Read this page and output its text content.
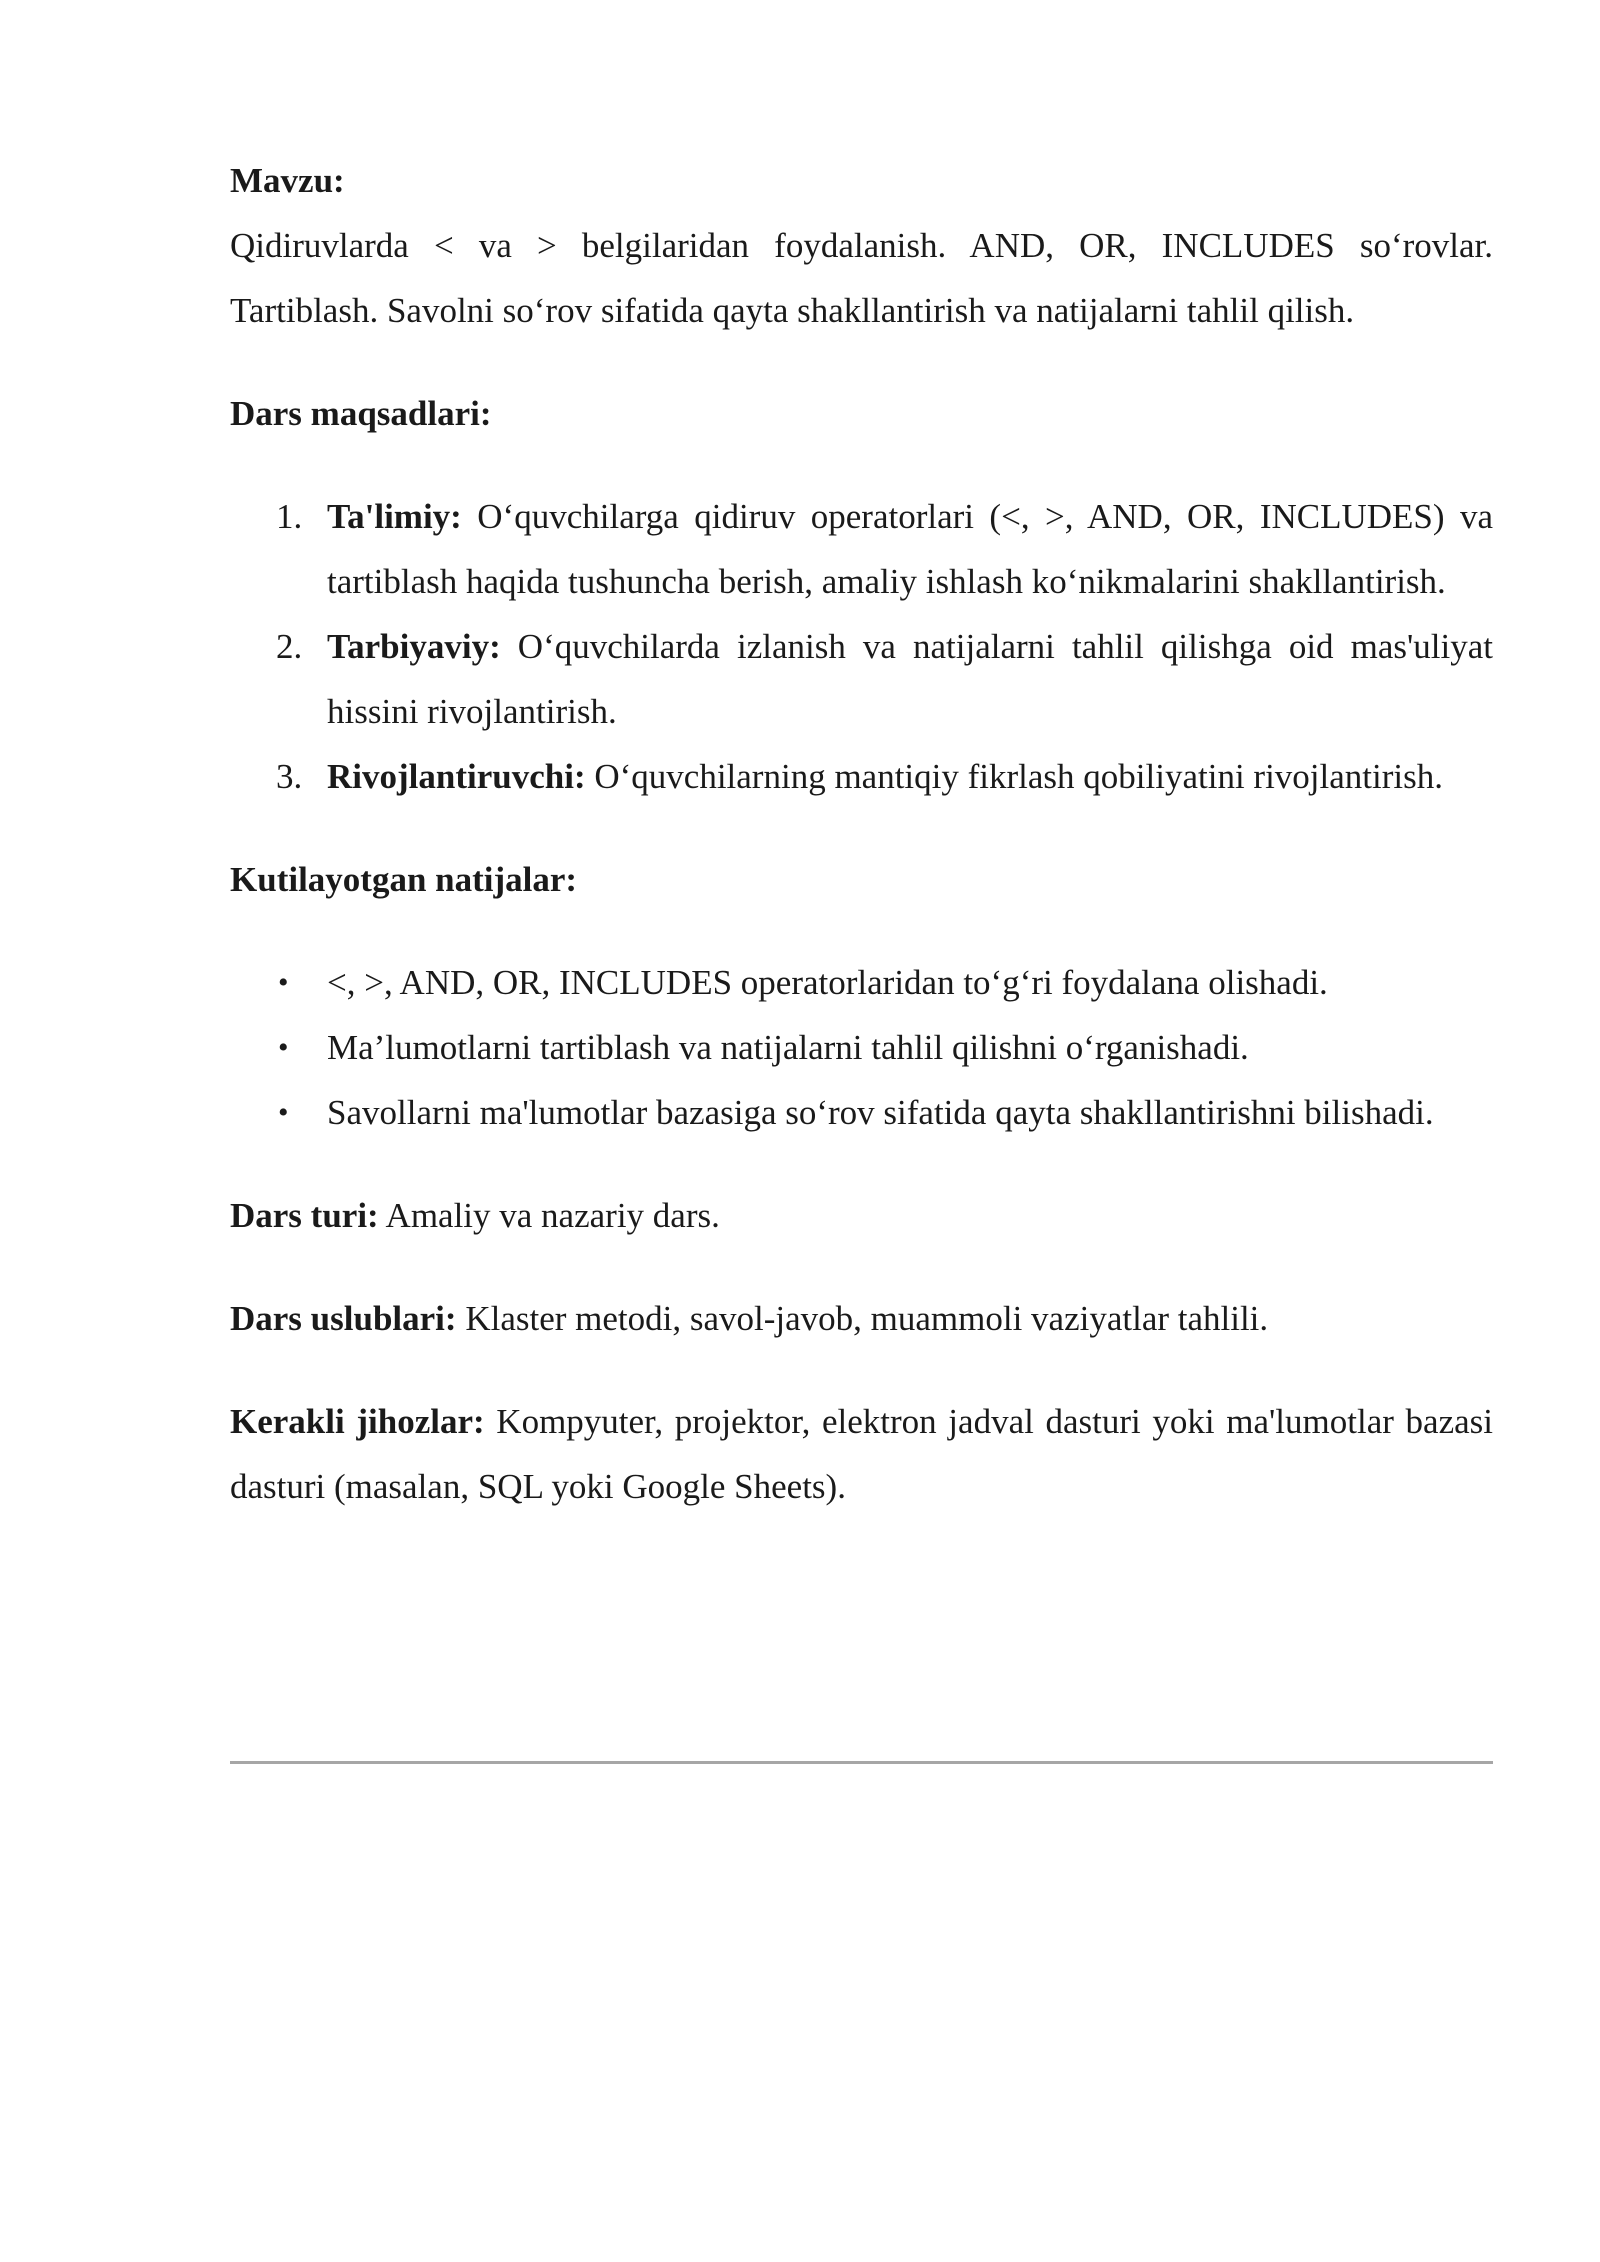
Mavzu:

Qidiruvlarda < va > belgilaridan foydalanish. AND, OR, INCLUDES so‘rovlar. Tartiblash. Savolni so‘rov sifatida qayta shakllantirish va natijalarni tahlil qilish.

Dars maqsadlari:

1. Ta'limiy: O‘quvchilarga qidiruv operatorlari (<, >, AND, OR, INCLUDES) va tartiblash haqida tushuncha berish, amaliy ishlash ko‘nikmalarini shakllantirish.
2. Tarbiyaviy: O‘quvchilarda izlanish va natijalarni tahlil qilishga oid mas'uliyat hissini rivojlantirish.
3. Rivojlantiruvchi: O‘quvchilarning mantiqiy fikrlash qobiliyatini rivojlantirish.

Kutilayotgan natijalar:

• <, >, AND, OR, INCLUDES operatorlaridan to‘g‘ri foydalana olishadi.
• Ma’lumotlarni tartiblash va natijalarni tahlil qilishni o‘rganishadi.
• Savollarni ma'lumotlar bazasiga so‘rov sifatida qayta shakllantirishni bilishadi.

Dars turi: Amaliy va nazariy dars.

Dars uslublari: Klaster metodi, savol-javob, muammoli vaziyatlar tahlili.

Kerakli jihozlar: Kompyuter, projektor, elektron jadval dasturi yoki ma'lumotlar bazasi dasturi (masalan, SQL yoki Google Sheets).
